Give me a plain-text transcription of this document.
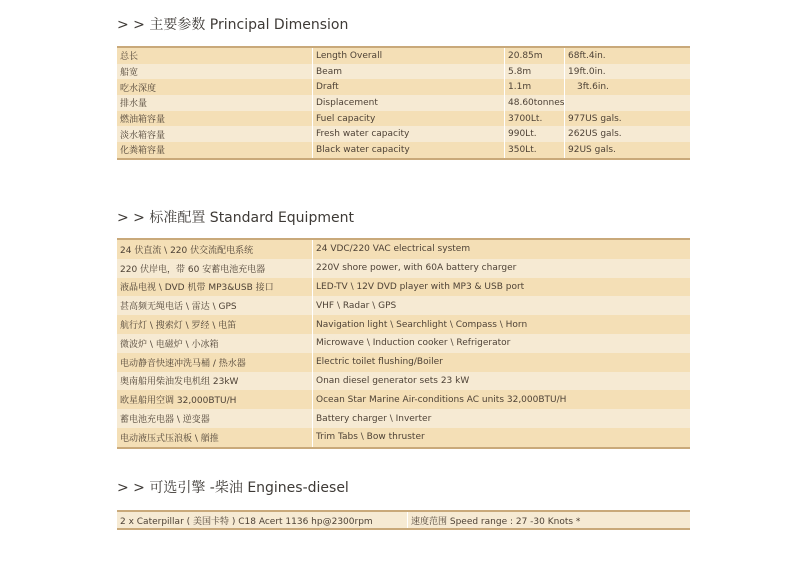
> > 主要参数 Principal Dimension
总长	Length Overall	20.85m	68ft.4in.
船宽	Beam	5.8m	19ft.0in.
吃水深度	Draft	1.1m	3ft.6in.
排水量	Displacement	48.60tonnes
燃油箱容量	Fuel capacity	3700Lt.	977US gals.
淡水箱容量	Fresh water capacity	990Lt.	262US gals.
化粪箱容量	Black water capacity	350Lt.	92US gals.
> > 标准配置 Standard Equipment
24 伏直流 \ 220 伏交流配电系统	24 VDC/220 VAC electrical system
220 伏岸电，带 60 安蓄电池充电器	220V shore power, with 60A battery charger
液晶电视 \ DVD 机带 MP3&USB 接口	LED-TV \ 12V DVD player with MP3 & USB port
甚高频无绳电话 \ 雷达 \ GPS	VHF \ Radar \ GPS
航行灯 \ 搜索灯 \ 罗经 \ 电笛	Navigation light \ Searchlight \ Compass \ Horn
微波炉 \ 电磁炉 \ 小冰箱	Microwave \ Induction cooker \ Refrigerator
电动静音快速冲洗马桶 / 热水器	Electric toilet flushing/Boiler
奥南船用柴油发电机组 23kW	Onan diesel generator sets 23 kW
欧星船用空调 32,000BTU/H	Ocean Star Marine Air-conditions AC units 32,000BTU/H
蓄电池充电器 \ 逆变器	Battery charger \ Inverter
电动液压式压浪板 \ 艏推	Trim Tabs \ Bow thruster
> > 可选引擎 -柴油 Engines-diesel
2 x Caterpillar ( 美国卡特 ) C18 Acert 1136 hp@2300rpm	速度范围 Speed range : 27 -30 Knots *
